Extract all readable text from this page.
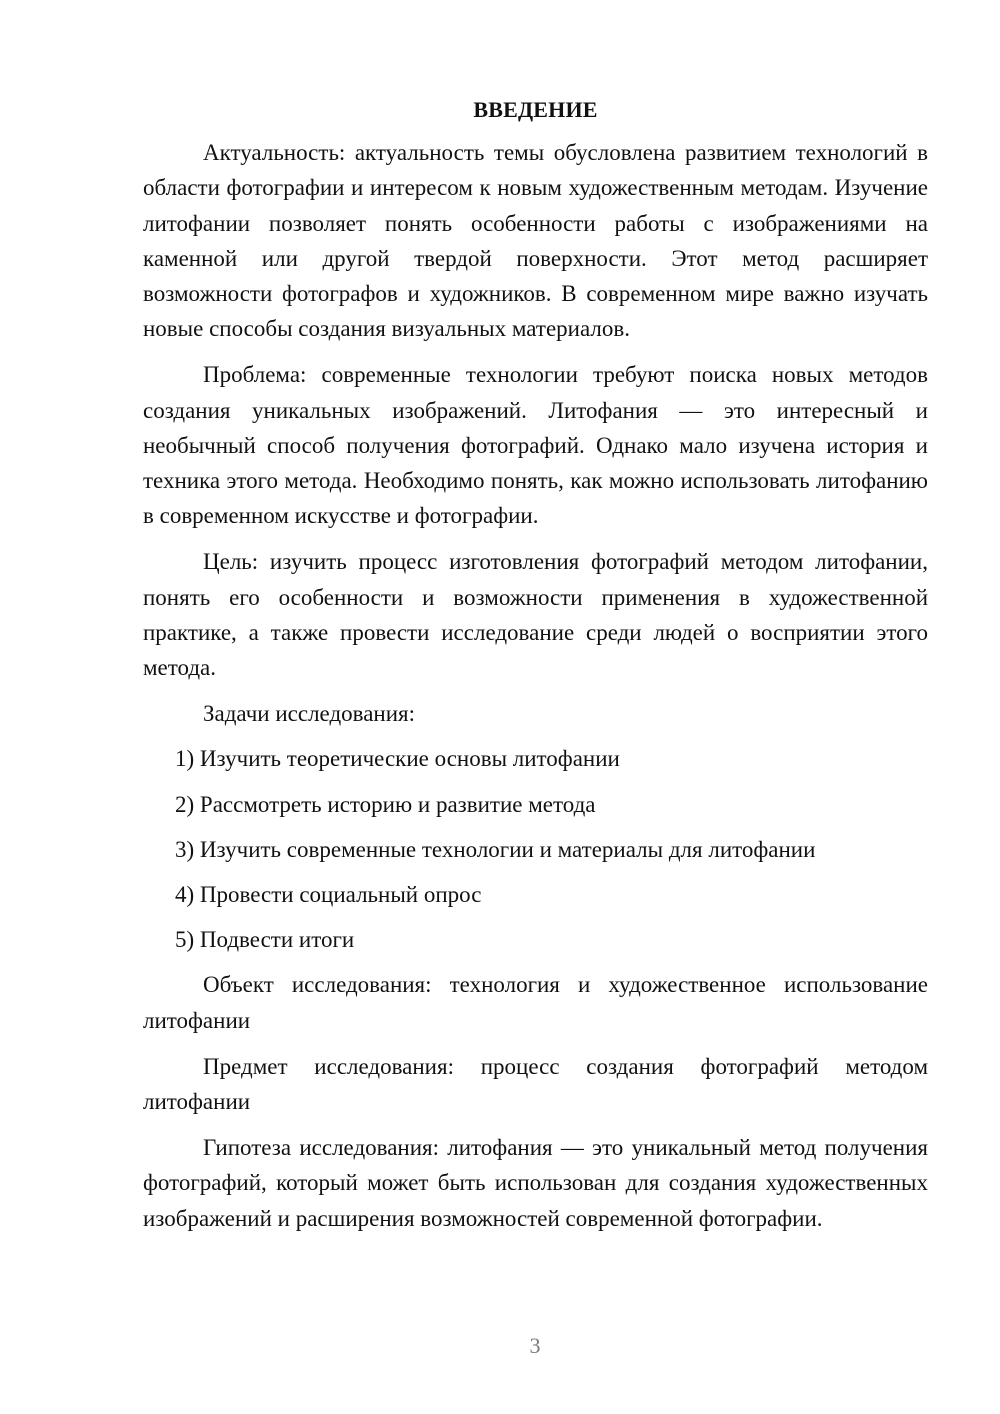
ВВЕДЕНИЕ

Актуальность: актуальность темы обусловлена развитием технологий в области фотографии и интересом к новым художественным методам. Изучение литофании позволяет понять особенности работы с изображениями на каменной или другой твердой поверхности. Этот метод расширяет возможности фотографов и художников. В современном мире важно изучать новые способы создания визуальных материалов.

Проблема: современные технологии требуют поиска новых методов создания уникальных изображений. Литофания — это интересный и необычный способ получения фотографий. Однако мало изучена история и техника этого метода. Необходимо понять, как можно использовать литофанию в современном искусстве и фотографии.

Цель: изучить процесс изготовления фотографий методом литофании, понять его особенности и возможности применения в художественной практике, а также провести исследование среди людей о восприятии этого метода.

Задачи исследования:

1) Изучить теоретические основы литофании
2) Рассмотреть историю и развитие метода
3) Изучить современные технологии и материалы для литофании
4) Провести социальный опрос
5) Подвести итоги

Объект исследования: технология и художественное использование литофании

Предмет исследования: процесс создания фотографий методом литофании

Гипотеза исследования: литофания — это уникальный метод получения фотографий, который может быть использован для создания художественных изображений и расширения возможностей современной фотографии.

3
